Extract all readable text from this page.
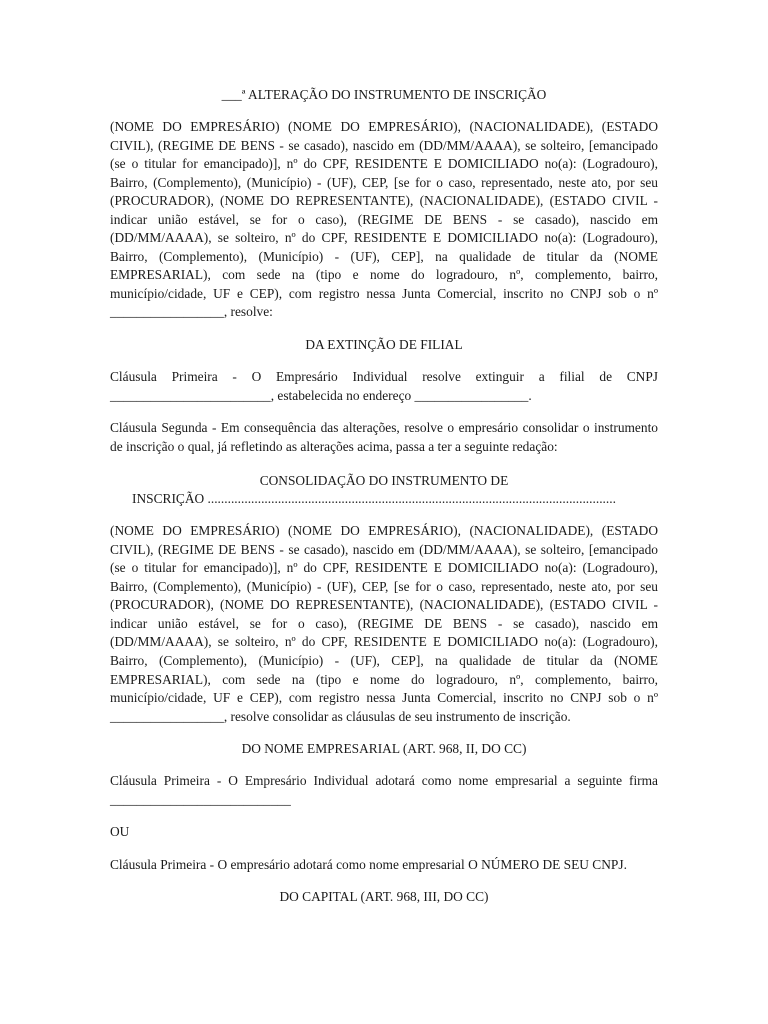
___ª ALTERAÇÃO DO INSTRUMENTO DE INSCRIÇÃO

(NOME DO EMPRESÁRIO) (NOME DO EMPRESÁRIO), (NACIONALIDADE), (ESTADO CIVIL), (REGIME DE BENS - se casado), nascido em (DD/MM/AAAA), se solteiro, [emancipado (se o titular for emancipado)], nº do CPF, RESIDENTE E DOMICILIADO no(a): (Logradouro), Bairro, (Complemento), (Município) - (UF), CEP, [se for o caso, representado, neste ato, por seu (PROCURADOR), (NOME DO REPRESENTANTE), (NACIONALIDADE), (ESTADO CIVIL - indicar união estável, se for o caso), (REGIME DE BENS - se casado), nascido em (DD/MM/AAAA), se solteiro, nº do CPF, RESIDENTE E DOMICILIADO no(a): (Logradouro), Bairro, (Complemento), (Município) - (UF), CEP], na qualidade de titular da (NOME EMPRESARIAL), com sede na (tipo e nome do logradouro, nº, complemento, bairro, município/cidade, UF e CEP), com registro nessa Junta Comercial, inscrito no CNPJ sob o nº _________________, resolve:

DA EXTINÇÃO DE FILIAL

Cláusula Primeira - O Empresário Individual resolve extinguir a filial de CNPJ ________________________, estabelecida no endereço _________________.

Cláusula Segunda - Em consequência das alterações, resolve o empresário consolidar o instrumento de inscrição o qual, já refletindo as alterações acima, passa a ter a seguinte redação:

CONSOLIDAÇÃO DO INSTRUMENTO DE
INSCRIÇÃO ..........................................................................................................................

(NOME DO EMPRESÁRIO) (NOME DO EMPRESÁRIO), (NACIONALIDADE), (ESTADO CIVIL), (REGIME DE BENS - se casado), nascido em (DD/MM/AAAA), se solteiro, [emancipado (se o titular for emancipado)], nº do CPF, RESIDENTE E DOMICILIADO no(a): (Logradouro), Bairro, (Complemento), (Município) - (UF), CEP, [se for o caso, representado, neste ato, por seu (PROCURADOR), (NOME DO REPRESENTANTE), (NACIONALIDADE), (ESTADO CIVIL - indicar união estável, se for o caso), (REGIME DE BENS - se casado), nascido em (DD/MM/AAAA), se solteiro, nº do CPF, RESIDENTE E DOMICILIADO no(a): (Logradouro), Bairro, (Complemento), (Município) - (UF), CEP], na qualidade de titular da (NOME EMPRESARIAL), com sede na (tipo e nome do logradouro, nº, complemento, bairro, município/cidade, UF e CEP), com registro nessa Junta Comercial, inscrito no CNPJ sob o nº _________________, resolve consolidar as cláusulas de seu instrumento de inscrição.

DO NOME EMPRESARIAL (ART. 968, II, DO CC)

Cláusula Primeira - O Empresário Individual adotará como nome empresarial a seguinte firma ___________________________

OU

Cláusula Primeira - O empresário adotará como nome empresarial O NÚMERO DE SEU CNPJ.

DO CAPITAL (ART. 968, III, DO CC)
